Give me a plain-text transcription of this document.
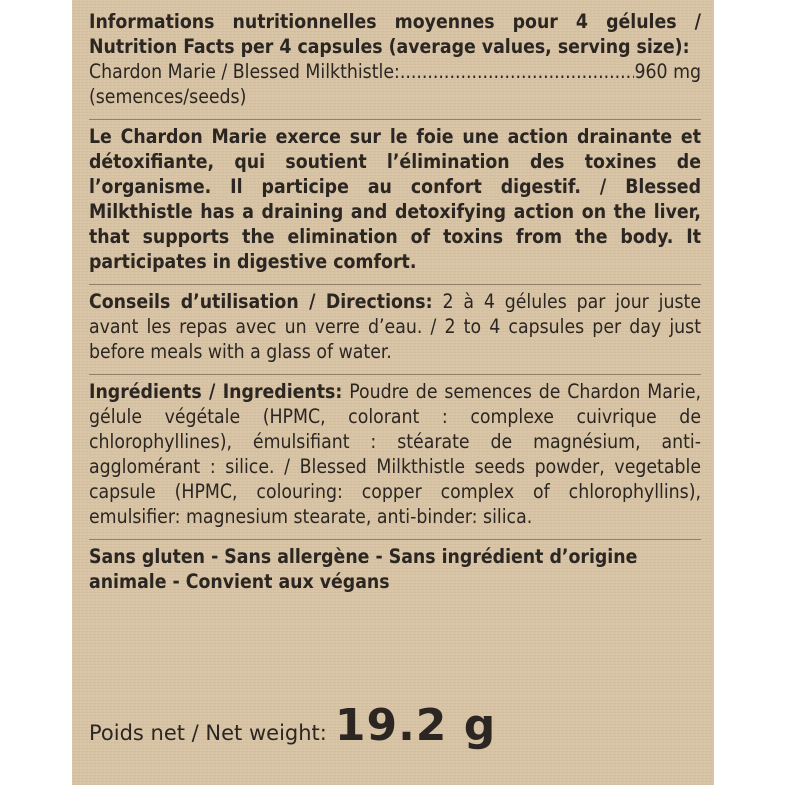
Informations nutritionnelles moyennes pour 4 gélules / Nutrition Facts per 4 capsules (average values, serving size):
Chardon Marie / Blessed Milkthistle:
.....	960 mg
(semences/seeds)
Le Chardon Marie exerce sur le foie une action drainante et détoxifiante, qui soutient l’élimination des toxines de l’organisme. Il participe au confort digestif. / Blessed Milkthistle has a draining and detoxifying action on the liver, that supports the elimination of toxins from the body. It participates in digestive comfort.
Conseils d’utilisation / Directions: 2 à 4 gélules par jour juste avant les repas avec un verre d’eau. / 2 to 4 capsules per day just before meals with a glass of water.
Ingrédients / Ingredients: Poudre de semences de Chardon Marie, gélule végétale (HPMC, colorant : complexe cuivrique de chlorophyllines), émulsifiant : stéarate de magnésium, anti-agglomérant : silice. / Blessed Milkthistle seeds powder, vegetable capsule (HPMC, colouring: copper complex of chlorophyllins), emulsifier: magnesium stearate, anti-binder: silica.
Sans gluten - Sans allergène - Sans ingrédient d’origine animale - Convient aux végans
Poids net / Net weight: 19.2 g
